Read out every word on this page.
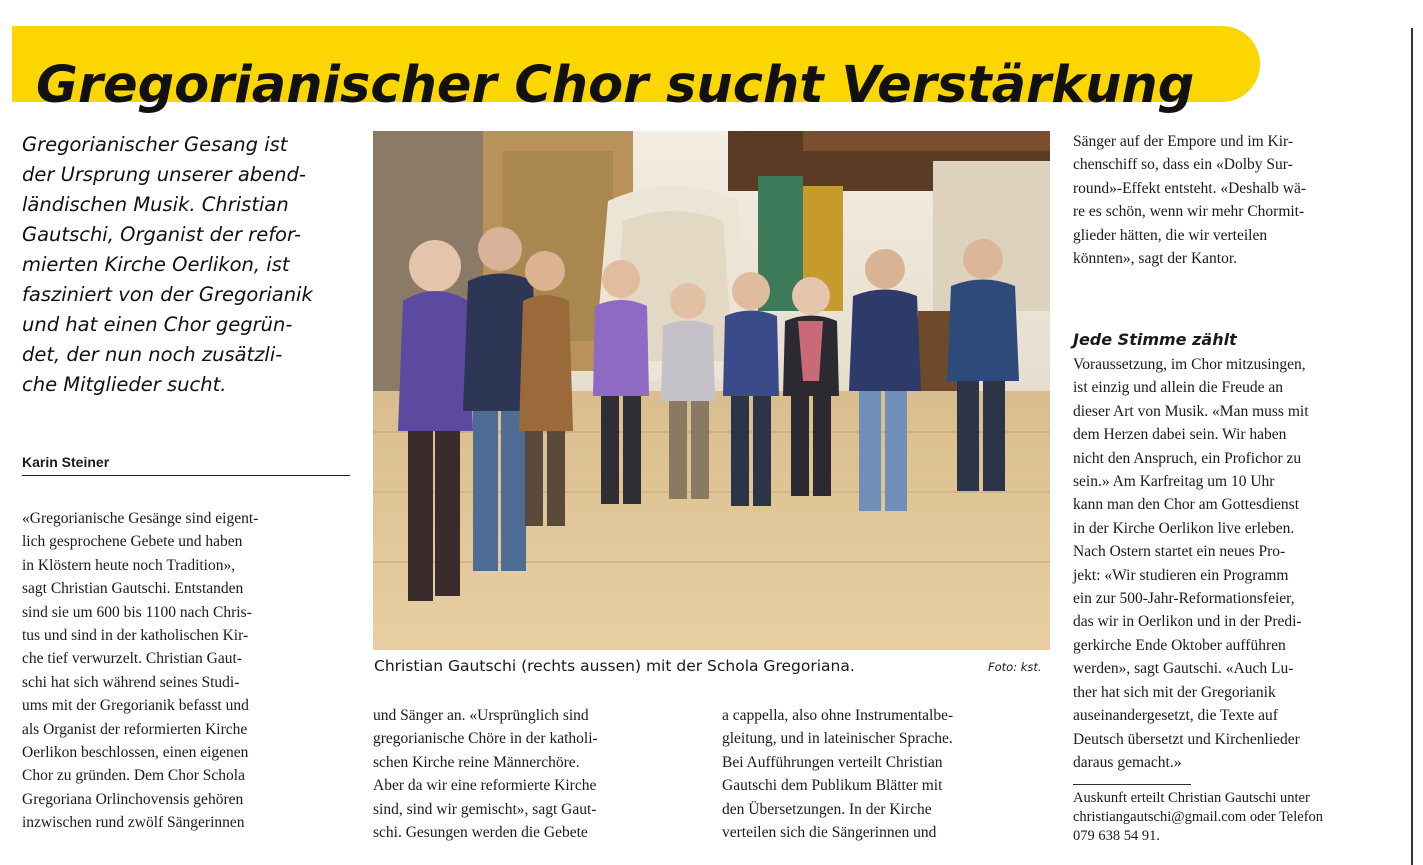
Gregorianischer Chor sucht Verstärkung
Gregorianischer Gesang ist
der Ursprung unserer abend-
ländischen Musik. Christian
Gautschi, Organist der refor-
mierten Kirche Oerlikon, ist
fasziniert von der Gregorianik
und hat einen Chor gegrün-
det, der nun noch zusätzli-
che Mitglieder sucht.
Karin Steiner
«Gregorianische Gesänge sind eigent-
lich gesprochene Gebete und haben
in Klöstern heute noch Tradition»,
sagt Christian Gautschi. Entstanden
sind sie um 600 bis 1100 nach Chris-
tus und sind in der katholischen Kir-
che tief verwurzelt. Christian Gaut-
schi hat sich während seines Studi-
ums mit der Gregorianik befasst und
als Organist der reformierten Kirche
Oerlikon beschlossen, einen eigenen
Chor zu gründen. Dem Chor Schola
Gregoriana Orlinchovensis gehören
inzwischen rund zwölf Sängerinnen
Christian Gautschi (rechts aussen) mit der Schola Gregoriana.	Foto: kst.
und Sänger an. «Ursprünglich sind
gregorianische Chöre in der katholi-
schen Kirche reine Männerchöre.
Aber da wir eine reformierte Kirche
sind, sind wir gemischt», sagt Gaut-
schi. Gesungen werden die Gebete
a cappella, also ohne Instrumentalbe-
gleitung, und in lateinischer Sprache.
Bei Aufführungen verteilt Christian
Gautschi dem Publikum Blätter mit
den Übersetzungen. In der Kirche
verteilen sich die Sängerinnen und
Sänger auf der Empore und im Kir-
chenschiff so, dass ein «Dolby Sur-
round»-Effekt entsteht. «Deshalb wä-
re es schön, wenn wir mehr Chormit-
glieder hätten, die wir verteilen
könnten», sagt der Kantor.
Jede Stimme zählt
Voraussetzung, im Chor mitzusingen,
ist einzig und allein die Freude an
dieser Art von Musik. «Man muss mit
dem Herzen dabei sein. Wir haben
nicht den Anspruch, ein Profichor zu
sein.» Am Karfreitag um 10 Uhr
kann man den Chor am Gottesdienst
in der Kirche Oerlikon live erleben.
Nach Ostern startet ein neues Pro-
jekt: «Wir studieren ein Programm
ein zur 500-Jahr-Reformationsfeier,
das wir in Oerlikon und in der Predi-
gerkirche Ende Oktober aufführen
werden», sagt Gautschi. «Auch Lu-
ther hat sich mit der Gregorianik
auseinandergesetzt, die Texte auf
Deutsch übersetzt und Kirchenlieder
daraus gemacht.»
Auskunft erteilt Christian Gautschi unter
christiangautschi@gmail.com oder Telefon
079 638 54 91.
